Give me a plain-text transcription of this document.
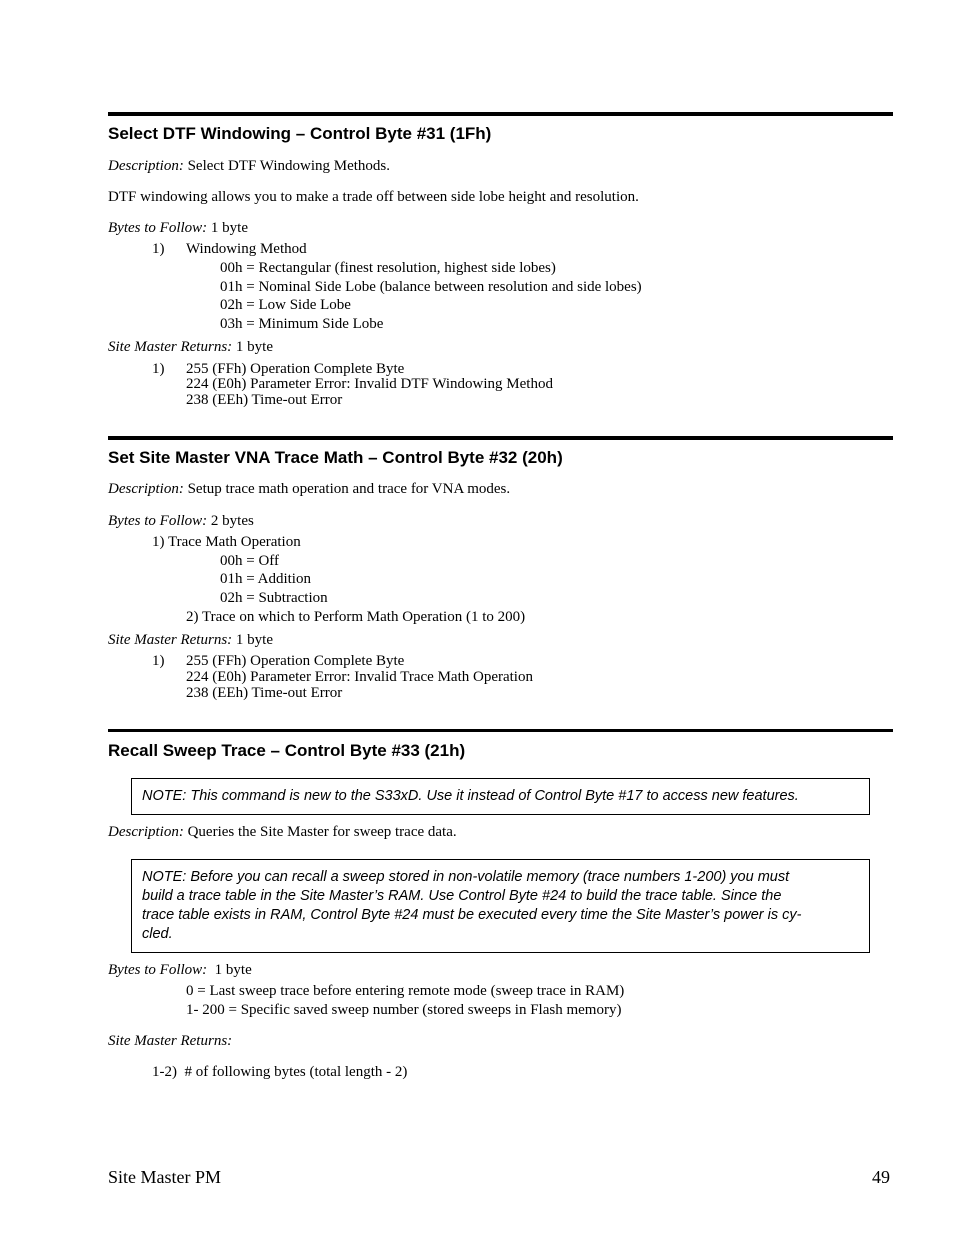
Select DTF Windowing – Control Byte #31 (1Fh)
Description: Select DTF Windowing Methods.
DTF windowing allows you to make a trade off between side lobe height and resolution.
Bytes to Follow: 1 byte
1) Windowing Method
00h = Rectangular (finest resolution, highest side lobes)
01h = Nominal Side Lobe (balance between resolution and side lobes)
02h = Low Side Lobe
03h = Minimum Side Lobe
Site Master Returns: 1 byte
1) 255 (FFh) Operation Complete Byte
224 (E0h) Parameter Error: Invalid DTF Windowing Method
238 (EEh) Time-out Error
Set Site Master VNA Trace Math – Control Byte #32 (20h)
Description: Setup trace math operation and trace for VNA modes.
Bytes to Follow: 2 bytes
1) Trace Math Operation
00h = Off
01h = Addition
02h = Subtraction
2) Trace on which to Perform Math Operation (1 to 200)
Site Master Returns: 1 byte
1) 255 (FFh) Operation Complete Byte
224 (E0h) Parameter Error: Invalid Trace Math Operation
238 (EEh) Time-out Error
Recall Sweep Trace – Control Byte #33 (21h)
NOTE: This command is new to the S33xD. Use it instead of Control Byte #17 to access new features.
Description: Queries the Site Master for sweep trace data.
NOTE: Before you can recall a sweep stored in non-volatile memory (trace numbers 1-200) you must
build a trace table in the Site Master’s RAM. Use Control Byte #24 to build the trace table. Since the
trace table exists in RAM, Control Byte #24 must be executed every time the Site Master’s power is cy-
cled.
Bytes to Follow:  1 byte
0 = Last sweep trace before entering remote mode (sweep trace in RAM)
1- 200 = Specific saved sweep number (stored sweeps in Flash memory)
Site Master Returns:
1-2)  # of following bytes (total length - 2)
Site Master PM	49
